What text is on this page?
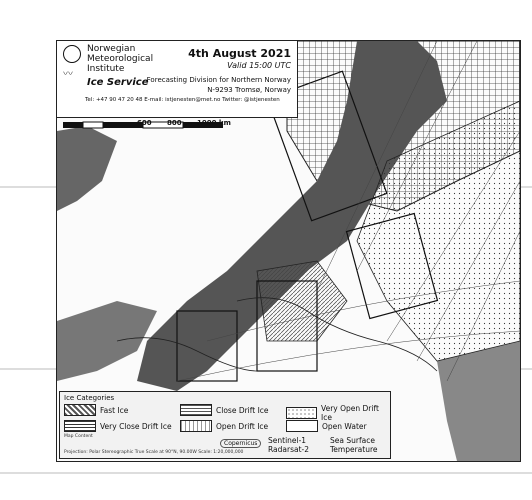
〰
Norwegian
Meteorological
Institute
Ice Service
4th August 2021
Valid 15:00 UTC
Forecasting Division for Northern Norway
N-9293 Tromsø, Norway
Tel: +47 90 47 20 48 E-mail: istjenesten@met.no Twitter: @istjenesten
600 800 1000 km
Ice Categories
Fast Ice
Very Close Drift Ice
Close Drift Ice
Open Drift Ice
Very Open Drift Ice
Open Water
Map Content
Projection: Polar Stereographic True Scale at 90°N, 90.00W Scale: 1:20,000,000
Copernicus	Sentinel-1
Radarsat-2
Sea Surface
Temperature
